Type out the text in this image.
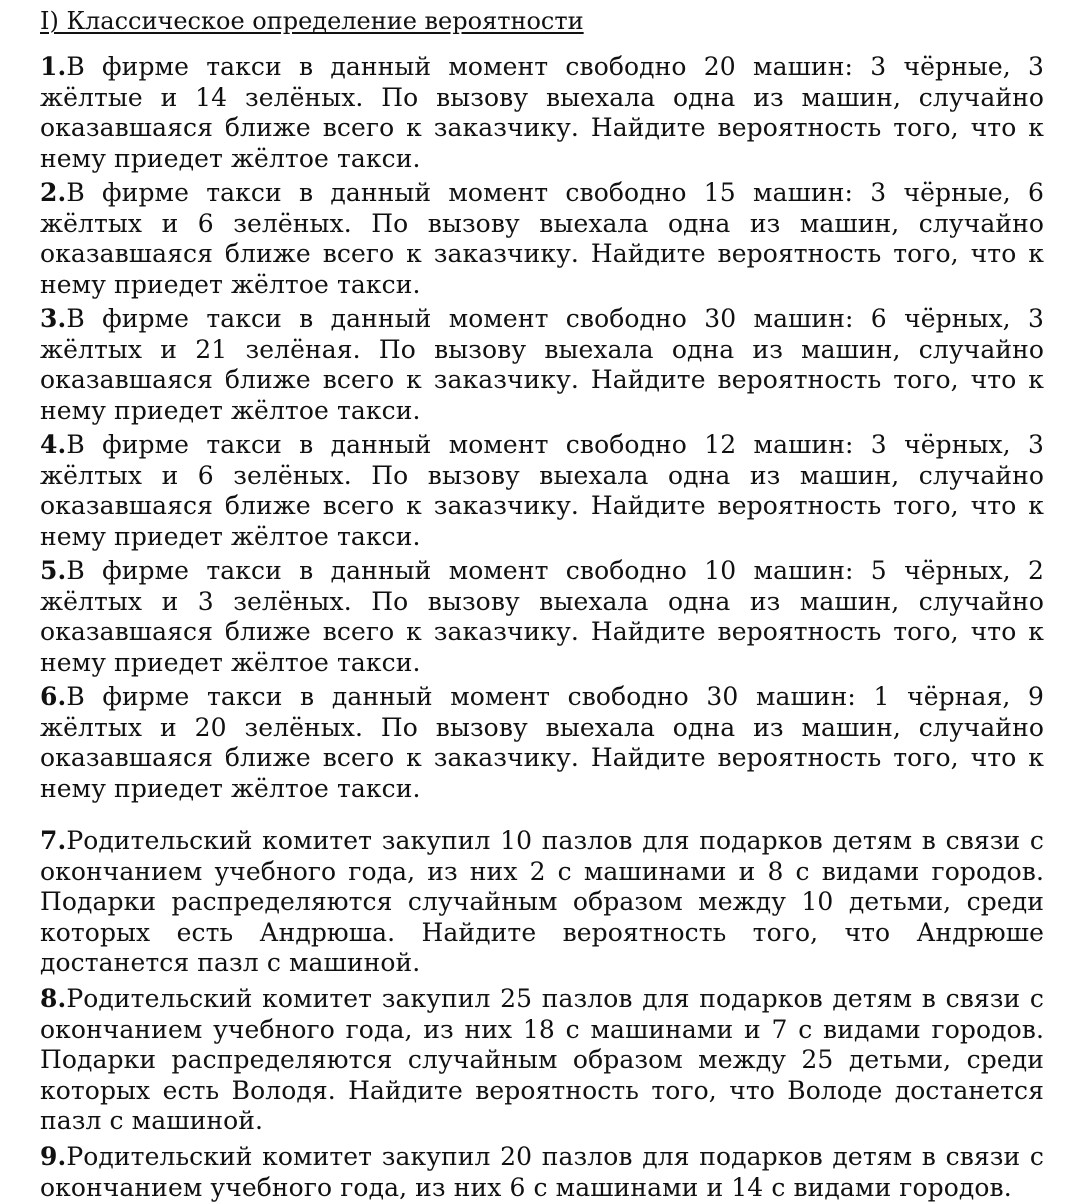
I) Классическое определение вероятности
1.В фирме такси в данный момент свободно 20 машин: 3 чёрные, 3 жёлтые и 14 зелёных. По вызову выехала одна из машин, случайно оказавшаяся ближе всего к заказчику. Найдите вероятность того, что к нему приедет жёлтое такси.
2.В фирме такси в данный момент свободно 15 машин: 3 чёрные, 6 жёлтых и 6 зелёных. По вызову выехала одна из машин, случайно оказавшаяся ближе всего к заказчику. Найдите вероятность того, что к нему приедет жёлтое такси.
3.В фирме такси в данный момент свободно 30 машин: 6 чёрных, 3 жёлтых и 21 зелёная. По вызову выехала одна из машин, случайно оказавшаяся ближе всего к заказчику. Найдите вероятность того, что к нему приедет жёлтое такси.
4.В фирме такси в данный момент свободно 12 машин: 3 чёрных, 3 жёлтых и 6 зелёных. По вызову выехала одна из машин, случайно оказавшаяся ближе всего к заказчику. Найдите вероятность того, что к нему приедет жёлтое такси.
5.В фирме такси в данный момент свободно 10 машин: 5 чёрных, 2 жёлтых и 3 зелёных. По вызову выехала одна из машин, случайно оказавшаяся ближе всего к заказчику. Найдите вероятность того, что к нему приедет жёлтое такси.
6.В фирме такси в данный момент свободно 30 машин: 1 чёрная, 9 жёлтых и 20 зелёных. По вызову выехала одна из машин, случайно оказавшаяся ближе всего к заказчику. Найдите вероятность того, что к нему приедет жёлтое такси.
7.Родительский комитет закупил 10 пазлов для подарков детям в связи с окончанием учебного года, из них 2 с машинами и 8 с видами городов. Подарки распределяются случайным образом между 10 детьми, среди которых есть Андрюша. Найдите вероятность того, что Андрюше достанется пазл с машиной.
8.Родительский комитет закупил 25 пазлов для подарков детям в связи с окончанием учебного года, из них 18 с машинами и 7 с видами городов. Подарки распределяются случайным образом между 25 детьми, среди которых есть Володя. Найдите вероятность того, что Володе достанется пазл с машиной.
9.Родительский комитет закупил 20 пазлов для подарков детям в связи с окончанием учебного года, из них 6 с машинами и 14 с видами городов.
